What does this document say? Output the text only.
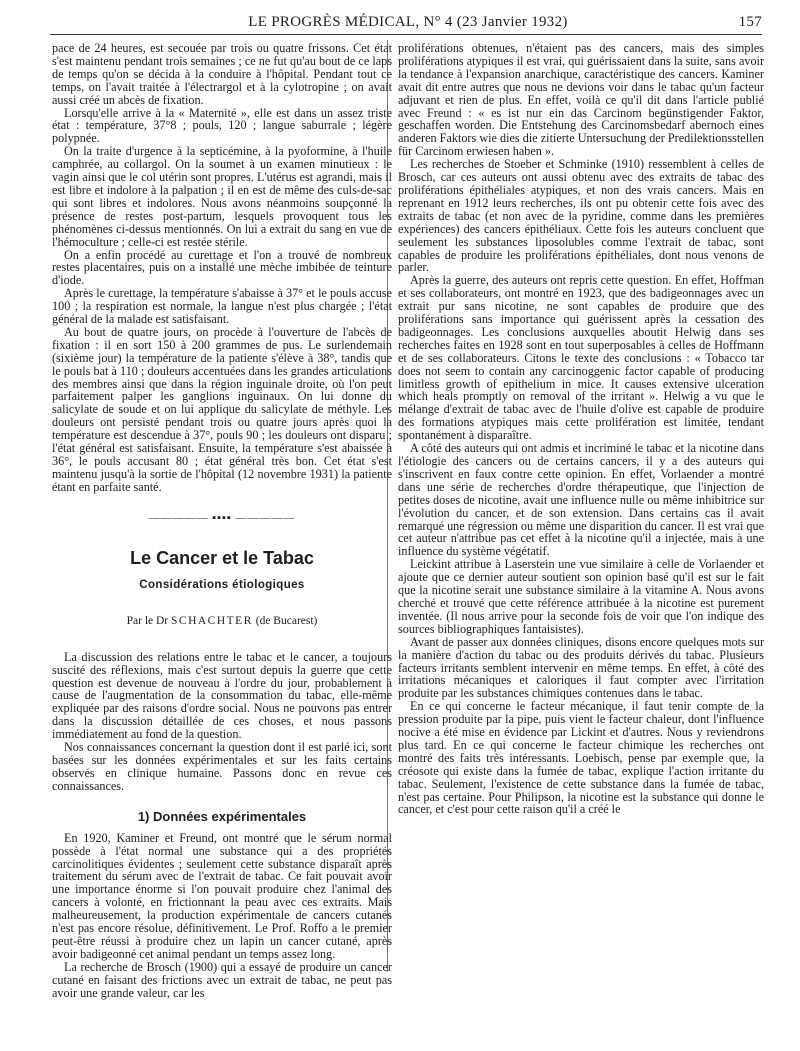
LE PROGRÈS MÉDICAL, N° 4 (23 Janvier 1932)	157

pace de 24 heures, est secouée par trois ou quatre frissons. Cet état s'est maintenu pendant trois semaines ; ce ne fut qu'au bout de ce laps de temps qu'on se décida à la conduire à l'hôpital. Pendant tout ce temps, on l'avait traitée à l'électrargol et à la cylotropine ; on avait aussi créé un abcès de fixation.

Lorsqu'elle arrive à la « Maternité », elle est dans un assez triste état : température, 37°8 ; pouls, 120 ; langue saburrale ; légère polypnée.

On la traite d'urgence à la septicémine, à la pyoformine, à l'huile camphrée, au collargol. On la soumet à un examen minutieux : le vagin ainsi que le col utérin sont propres. L'utérus est agrandi, mais il est libre et indolore à la palpation ; il en est de même des culs-de-sac qui sont libres et indolores. Nous avons néanmoins soupçonné la présence de restes post-partum, lesquels provoquent tous les phénomènes ci-dessus mentionnés. On lui a extrait du sang en vue de l'hémoculture ; celle-ci est restée stérile.

On a enfin procédé au curettage et l'on a trouvé de nombreux restes placentaires, puis on a installé une mèche imbibée de teinture d'iode.

Après le curettage, la température s'abaisse à 37° et le pouls accuse 100 ; la respiration est normale, la langue n'est plus chargée ; l'état général de la malade est satisfaisant.

Au bout de quatre jours, on procède à l'ouverture de l'abcès de fixation : il en sort 150 à 200 grammes de pus. Le surlendemain (sixième jour) la température de la patiente s'élève à 38°, tandis que le pouls bat à 110 ; douleurs accentuées dans les grandes articulations des membres ainsi que dans la région inguinale droite, où l'on peut parfaitement palper les ganglions inguinaux. On lui donne du salicylate de soude et on lui applique du salicylate de méthyle. Les douleurs ont persisté pendant trois ou quatre jours après quoi la température est descendue à 37°, pouls 90 ; les douleurs ont disparu ; l'état général est satisfaisant. Ensuite, la température s'est abaissée à 36°, le pouls accusant 80 ; état général très bon. Cet état s'est maintenu jusqu'à la sortie de l'hôpital (12 novembre 1931) la patiente étant en parfaite santé.

————— ▪▪▪▪ —————
Le Cancer et le Tabac
Considérations étiologiques
Par le Dr SCHACHTER (de Bucarest)

La discussion des relations entre le tabac et le cancer, a toujours suscité des réflexions, mais c'est surtout depuis la guerre que cette question est devenue de nouveau à l'ordre du jour, probablement à cause de l'augmentation de la consommation du tabac, elle-même expliquée par des raisons d'ordre social. Nous ne pouvons pas entrer dans la discussion détaillée de ces choses, et nous passons immédiatement au fond de la question.

Nos connaissances concernant la question dont il est parlé ici, sont basées sur les données expérimentales et sur les faits certains observés en clinique humaine. Passons donc en revue ces connaissances.

1) Données expérimentales

En 1920, Kaminer et Freund, ont montré que le sérum normal possède à l'état normal une substance qui a des propriétés carcinolitiques évidentes ; seulement cette substance disparaît après traitement du sérum avec de l'extrait de tabac. Ce fait pouvait avoir une importance énorme si l'on pouvait produire chez l'animal des cancers à volonté, en frictionnant la peau avec ces extraits. Mais malheureusement, la production expérimentale de cancers cutanés n'est pas encore résolue, définitivement. Le Prof. Roffo a le premier peut-être réussi à produire chez un lapin un cancer cutané, après avoir badigeonné cet animal pendant un temps assez long.

La recherche de Brosch (1900) qui a essayé de produire un cancer cutané en faisant des frictions avec un extrait de tabac, ne peut pas avoir une grande valeur, car les

proliférations obtenues, n'étaient pas des cancers, mais des simples proliférations atypiques il est vrai, qui guérissaient dans la suite, sans avoir la tendance à l'expansion anarchique, caractéristique des cancers. Kaminer avait dit entre autres que nous ne devions voir dans le tabac qu'un facteur adjuvant et rien de plus. En effet, voilà ce qu'il dit dans l'article publié avec Freund : « es ist nur ein das Carcinom begünstigender Faktor, geschaffen worden. Die Entstehung des Carcinomsbedarf abernoch eines anderen Faktors wie dies die zitierte Untersuchung der Predilektionsstellen für Carcinom erwiesen haben ».

Les recherches de Stoeber et Schminke (1910) ressemblent à celles de Brosch, car ces auteurs ont aussi obtenu avec des extraits de tabac des proliférations épithéliales atypiques, et non des vrais cancers. Mais en reprenant en 1912 leurs recherches, ils ont pu obtenir cette fois avec des extraits de tabac (et non avec de la pyridine, comme dans les premières expériences) des cancers épithéliaux. Cette fois les auteurs concluent que seulement les substances liposolubles comme l'extrait de tabac, sont capables de produire les proliférations épithéliales, dont nous venons de parler.

Après la guerre, des auteurs ont repris cette question. En effet, Hoffman et ses collaborateurs, ont montré en 1923, que des badigeonnages avec un extrait pur sans nicotine, ne sont capables de produire que des proliférations sans importance qui guérissent après la cessation des badigeonnages. Les conclusions auxquelles aboutit Helwig dans ses recherches faites en 1928 sont en tout superposables à celles de Hoffmann et de ses collaborateurs. Citons le texte des conclusions : « Tobacco tar does not seem to contain any carcinoggenic factor capable of producing limitless growth of epithelium in mice. It causes extensive ulceration which heals promptly on removal of the irritant ». Helwig a vu que le mélange d'extrait de tabac avec de l'huile d'olive est capable de produire des formations atypiques mais cette prolifération est limitée, tendant spontanément à disparaître.

A côté des auteurs qui ont admis et incriminé le tabac et la nicotine dans l'étiologie des cancers ou de certains cancers, il y a des auteurs qui s'inscrivent en faux contre cette opinion. En effet, Vorlaender a montré dans une série de recherches d'ordre thérapeutique, que l'injection de petites doses de nicotine, avait une influence nulle ou même inhibitrice sur l'évolution du cancer, et de son extension. Dans certains cas il avait remarqué une régression ou même une disparition du cancer. Il est vrai que cet auteur n'attribue pas cet effet à la nicotine qu'il a injectée, mais à une influence du système végétatif.

Leickint attribue à Laserstein une vue similaire à celle de Vorlaender et ajoute que ce dernier auteur soutient son opinion basé qu'il est sur le fait que la nicotine serait une substance similaire à la vitamine A. Nous avons cherché et trouvé que cette référence attribuée à la nicotine est purement inventée. (Il nous arrive pour la seconde fois de voir que l'on indique des sources bibliographiques fantaisistes).

Avant de passer aux données cliniques, disons encore quelques mots sur la manière d'action du tabac ou des produits dérivés du tabac. Plusieurs facteurs irritants semblent intervenir en même temps. En effet, à côté des irritations mécaniques et caloriques il faut compter avec l'irritation produite par les substances chimiques contenues dans le tabac.

En ce qui concerne le facteur mécanique, il faut tenir compte de la pression produite par la pipe, puis vient le facteur chaleur, dont l'influence nocive a été mise en évidence par Lickint et d'autres. Nous y reviendrons plus tard. En ce qui concerne le facteur chimique les recherches ont montré des faits très intéressants. Loebisch, pense par exemple que, la créosote qui existe dans la fumée de tabac, explique l'action irritante du tabac. Seulement, l'existence de cette substance dans la fumée de tabac, n'est pas certaine. Pour Philipson, la nicotine est la substance qui donne le cancer, et c'est pour cette raison qu'il a créé le
